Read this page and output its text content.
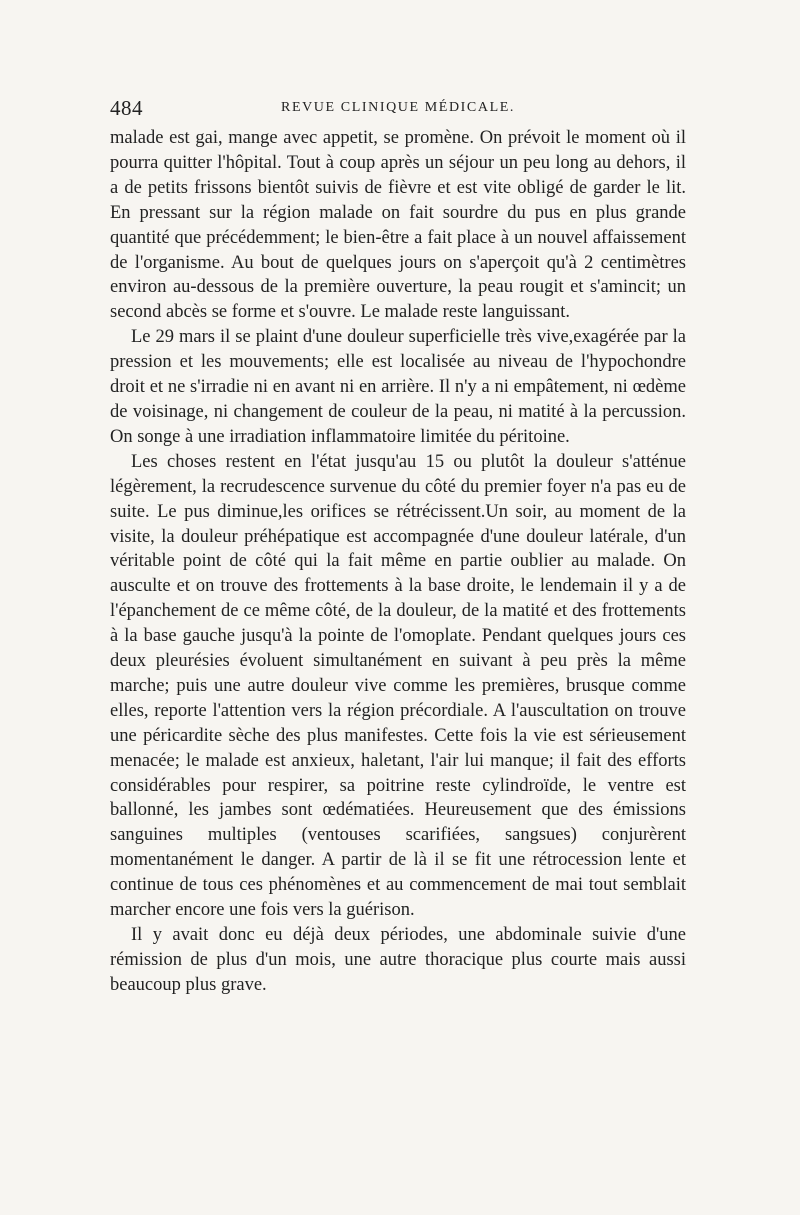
484	REVUE CLINIQUE MÉDICALE.

malade est gai, mange avec appetit, se promène. On prévoit le moment où il pourra quitter l'hôpital. Tout à coup après un séjour un peu long au dehors, il a de petits frissons bientôt suivis de fièvre et est vite obligé de garder le lit. En pressant sur la région malade on fait sourdre du pus en plus grande quantité que précédemment; le bien-être a fait place à un nouvel affaissement de l'organisme. Au bout de quelques jours on s'aperçoit qu'à 2 centimètres environ au-dessous de la première ouverture, la peau rougit et s'amincit; un second abcès se forme et s'ouvre. Le malade reste languissant.

Le 29 mars il se plaint d'une douleur superficielle très vive,exagérée par la pression et les mouvements; elle est localisée au niveau de l'hypochondre droit et ne s'irradie ni en avant ni en arrière. Il n'y a ni empâtement, ni œdème de voisinage, ni changement de couleur de la peau, ni matité à la percussion. On songe à une irradiation inflammatoire limitée du péritoine.

Les choses restent en l'état jusqu'au 15 ou plutôt la douleur s'atténue légèrement, la recrudescence survenue du côté du premier foyer n'a pas eu de suite. Le pus diminue,les orifices se rétrécissent.Un soir, au moment de la visite, la douleur préhépatique est accompagnée d'une douleur latérale, d'un véritable point de côté qui la fait même en partie oublier au malade. On ausculte et on trouve des frottements à la base droite, le lendemain il y a de l'épanchement de ce même côté, de la douleur, de la matité et des frottements à la base gauche jusqu'à la pointe de l'omoplate. Pendant quelques jours ces deux pleurésies évoluent simultanément en suivant à peu près la même marche; puis une autre douleur vive comme les premières, brusque comme elles, reporte l'attention vers la région précordiale. A l'auscultation on trouve une péricardite sèche des plus manifestes. Cette fois la vie est sérieusement menacée; le malade est anxieux, haletant, l'air lui manque; il fait des efforts considérables pour respirer, sa poitrine reste cylindroïde, le ventre est ballonné, les jambes sont œdématiées. Heureusement que des émissions sanguines multiples (ventouses scarifiées, sangsues) conjurèrent momentanément le danger. A partir de là il se fit une rétrocession lente et continue de tous ces phénomènes et au commencement de mai tout semblait marcher encore une fois vers la guérison.

Il y avait donc eu déjà deux périodes, une abdominale suivie d'une rémission de plus d'un mois, une autre thoracique plus courte mais aussi beaucoup plus grave.
